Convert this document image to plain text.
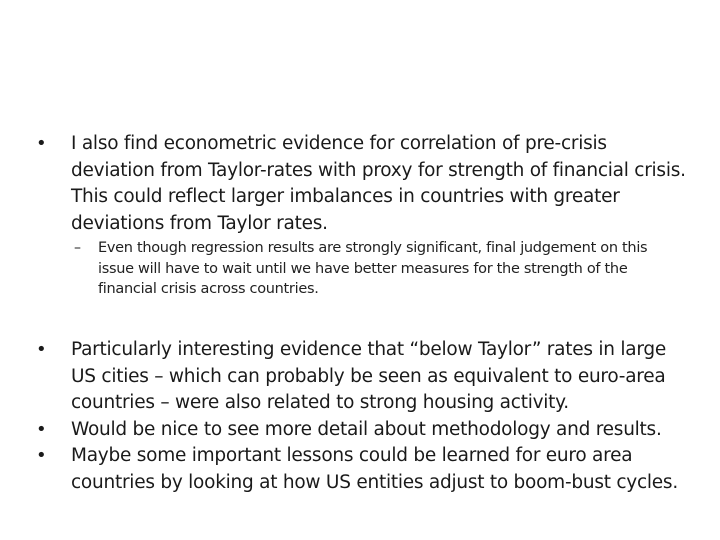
•	I also find econometric evidence for correlation of pre-crisis deviation from Taylor-rates with proxy for strength of financial crisis. This could reflect larger imbalances in countries with greater deviations from Taylor rates.
– Even though regression results are strongly significant, final judgement on this issue will have to wait until we have better measures for the strength of the financial crisis across countries.
•	Particularly interesting evidence that “below Taylor” rates in large US cities – which can probably be seen as equivalent to euro-area countries – were also related to strong housing activity.
•	Would be nice to see more detail about methodology and results.
•	Maybe some important lessons could be learned for euro area countries by looking at how US entities adjust to boom-bust cycles.
